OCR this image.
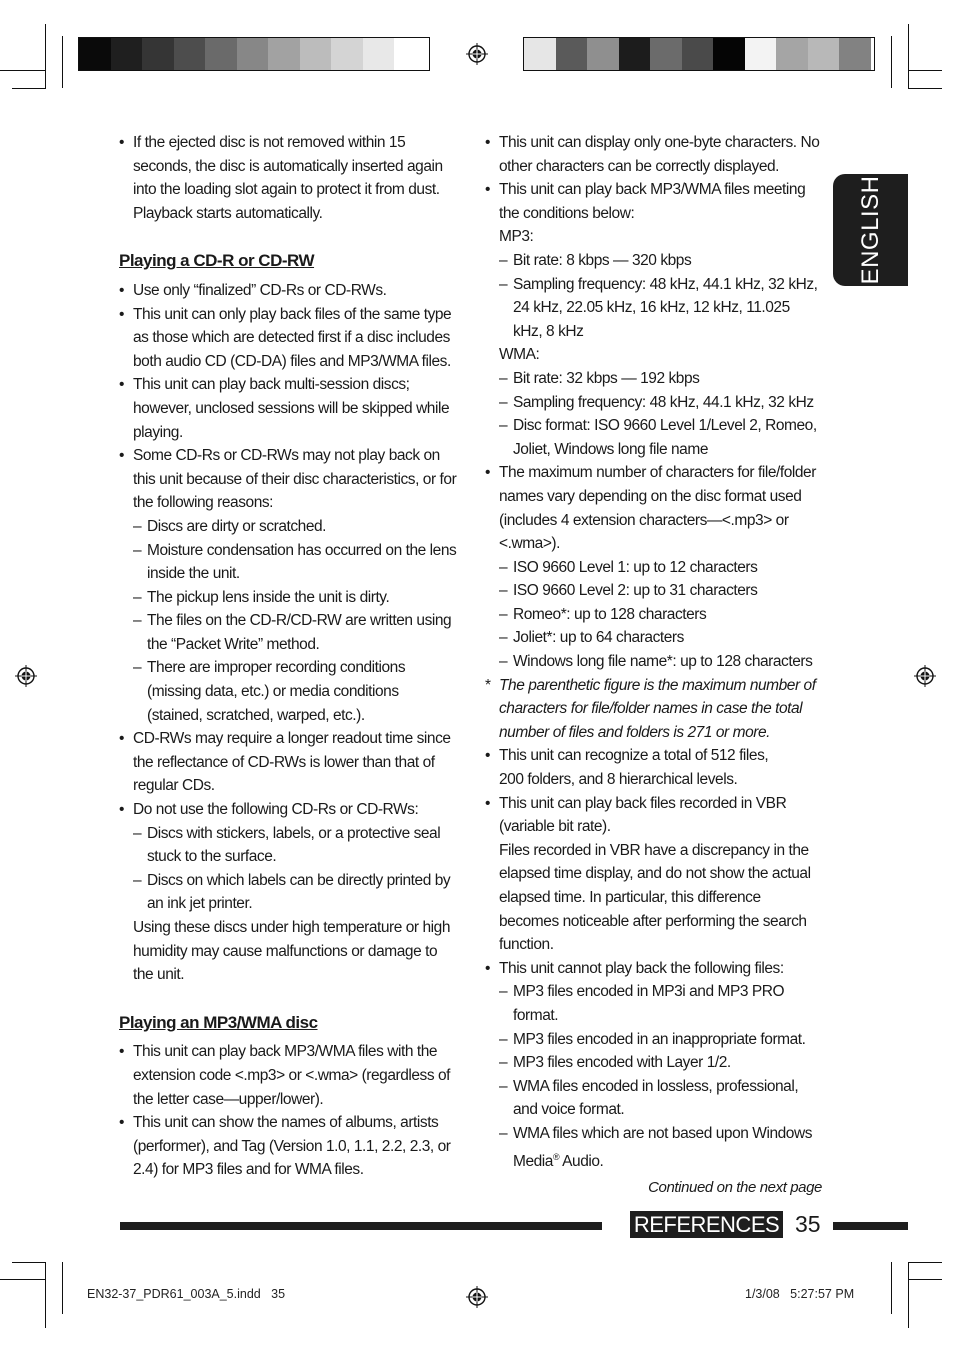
ENGLISH

• If the ejected disc is not removed within 15 seconds, the disc is automatically inserted again into the loading slot again to protect it from dust. Playback starts automatically.

Playing a CD-R or CD-RW

• Use only “finalized” CD-Rs or CD-RWs.

• This unit can only play back files of the same type as those which are detected first if a disc includes both audio CD (CD-DA) files and MP3/WMA files.

• This unit can play back multi-session discs; however, unclosed sessions will be skipped while playing.

• Some CD-Rs or CD-RWs may not play back on this unit because of their disc characteristics, or for the following reasons:

– Discs are dirty or scratched.

– Moisture condensation has occurred on the lens inside the unit.

– The pickup lens inside the unit is dirty.

– The files on the CD-R/CD-RW are written using the “Packet Write” method.

– There are improper recording conditions (missing data, etc.) or media conditions (stained, scratched, warped, etc.).

• CD-RWs may require a longer readout time since the reflectance of CD-RWs is lower than that of regular CDs.

• Do not use the following CD-Rs or CD-RWs:

– Discs with stickers, labels, or a protective seal stuck to the surface.

– Discs on which labels can be directly printed by an ink jet printer.

Using these discs under high temperature or high humidity may cause malfunctions or damage to the unit.

Playing an MP3/WMA disc

• This unit can play back MP3/WMA files with the extension code <.mp3> or <.wma> (regardless of the letter case—upper/lower).

• This unit can show the names of albums, artists (performer), and Tag (Version 1.0, 1.1, 2.2, 2.3, or 2.4) for MP3 files and for WMA files.

• This unit can display only one-byte characters. No other characters can be correctly displayed.

• This unit can play back MP3/WMA files meeting the conditions below:

MP3:

– Bit rate: 8 kbps — 320 kbps

– Sampling frequency: 48 kHz, 44.1 kHz, 32 kHz, 24 kHz, 22.05 kHz, 16 kHz, 12 kHz, 11.025 kHz, 8 kHz

WMA:

– Bit rate: 32 kbps — 192 kbps

– Sampling frequency: 48 kHz, 44.1 kHz, 32 kHz

– Disc format: ISO 9660 Level 1/Level 2, Romeo, Joliet, Windows long file name

• The maximum number of characters for file/folder names vary depending on the disc format used (includes 4 extension characters—<.mp3> or <.wma>).

– ISO 9660 Level 1: up to 12 characters

– ISO 9660 Level 2: up to 31 characters

– Romeo*: up to 128 characters

– Joliet*: up to 64 characters

– Windows long file name*: up to 128 characters

* The parenthetic figure is the maximum number of characters for file/folder names in case the total number of files and folders is 271 or more.

• This unit can recognize a total of 512 files,
200 folders, and 8 hierarchical levels.

• This unit can play back files recorded in VBR (variable bit rate).

Files recorded in VBR have a discrepancy in the elapsed time display, and do not show the actual elapsed time. In particular, this difference becomes noticeable after performing the search function.

• This unit cannot play back the following files:

– MP3 files encoded in MP3i and MP3 PRO format.

– MP3 files encoded in an inappropriate format.

– MP3 files encoded with Layer 1/2.

– WMA files encoded in lossless, professional, and voice format.

– WMA files which are not based upon Windows Media® Audio.

Continued on the next page
REFERENCES 35
EN32-37_PDR61_003A_5.indd   35	1/3/08   5:27:57 PM
